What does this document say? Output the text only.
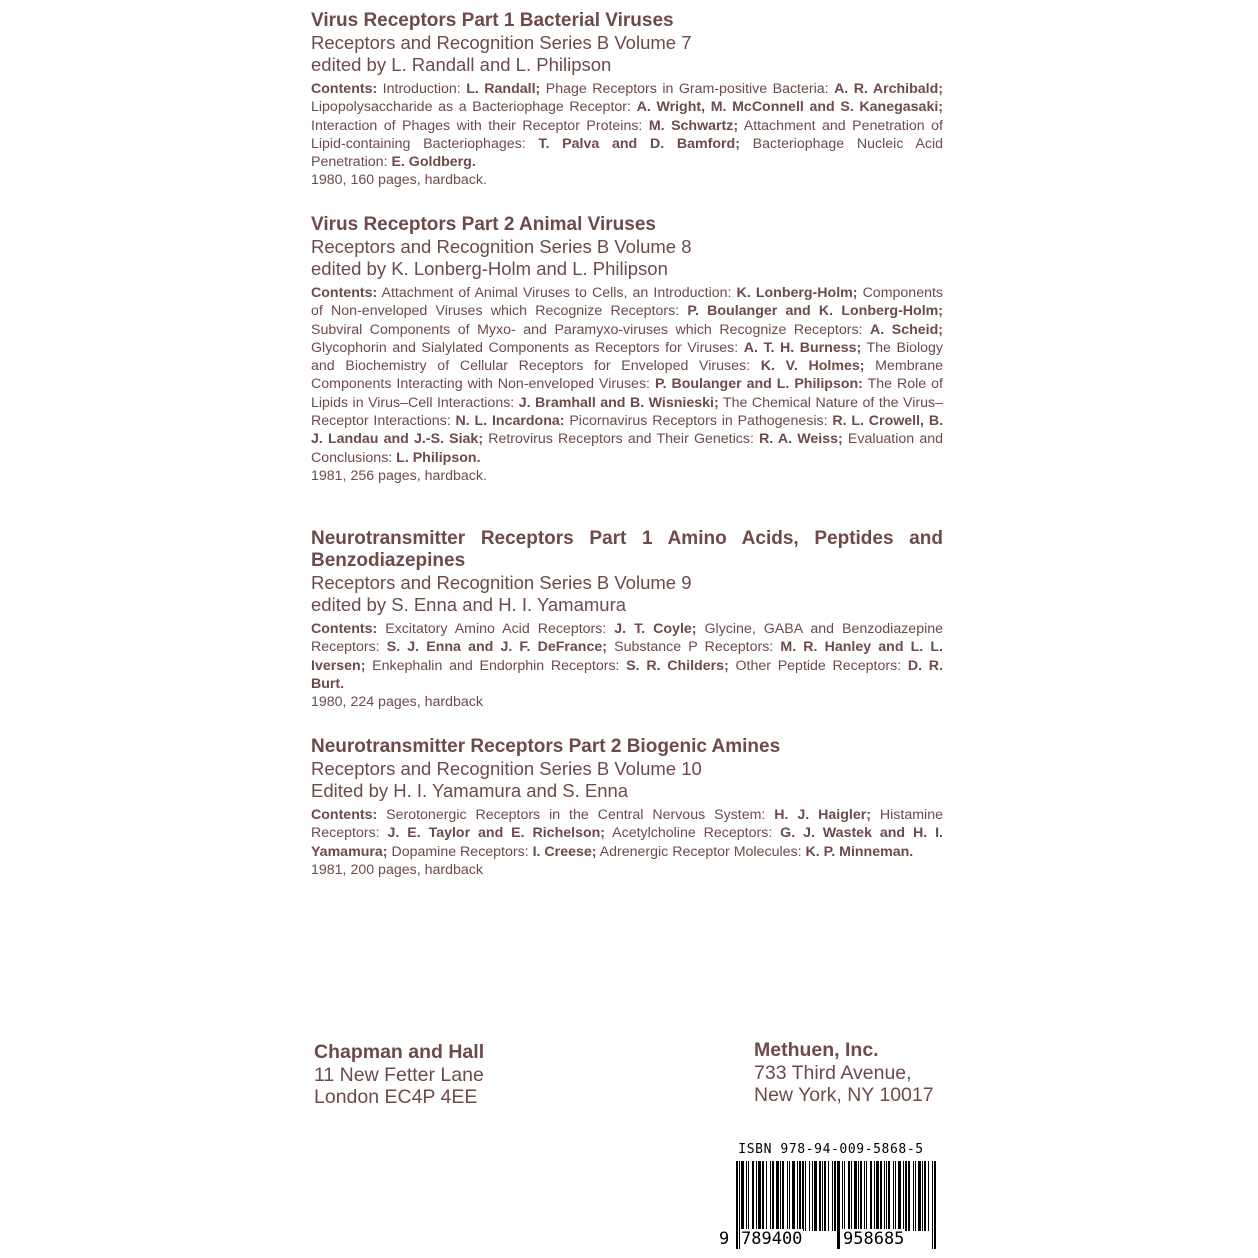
Virus Receptors Part 1 Bacterial Viruses
Receptors and Recognition Series B Volume 7
edited by L. Randall and L. Philipson
Contents: Introduction: L. Randall; Phage Receptors in Gram-positive Bacteria: A. R. Archibald; Lipopolysaccharide as a Bacteriophage Receptor: A. Wright, M. McConnell and S. Kanegasaki; Interaction of Phages with their Receptor Proteins: M. Schwartz; Attachment and Penetration of Lipid-containing Bacteriophages: T. Palva and D. Bamford; Bacteriophage Nucleic Acid Penetration: E. Goldberg.
1980, 160 pages, hardback.
Virus Receptors Part 2 Animal Viruses
Receptors and Recognition Series B Volume 8
edited by K. Lonberg-Holm and L. Philipson
Contents: Attachment of Animal Viruses to Cells, an Introduction: K. Lonberg-Holm; Components of Non-enveloped Viruses which Recognize Receptors: P. Boulanger and K. Lonberg-Holm; Subviral Components of Myxo- and Paramyxo-viruses which Recognize Receptors: A. Scheid; Glycophorin and Sialylated Components as Receptors for Viruses: A. T. H. Burness; The Biology and Biochemistry of Cellular Receptors for Enveloped Viruses: K. V. Holmes; Membrane Components Interacting with Non-enveloped Viruses: P. Boulanger and L. Philipson: The Role of Lipids in Virus–Cell Interactions: J. Bramhall and B. Wisnieski; The Chemical Nature of the Virus–Receptor Interactions: N. L. Incardona: Picornavirus Receptors in Pathogenesis: R. L. Crowell, B. J. Landau and J.-S. Siak; Retrovirus Receptors and Their Genetics: R. A. Weiss; Evaluation and Conclusions: L. Philipson.
1981, 256 pages, hardback.
Neurotransmitter Receptors Part 1 Amino Acids, Peptides and Benzodiazepines
Receptors and Recognition Series B Volume 9
edited by S. Enna and H. I. Yamamura
Contents: Excitatory Amino Acid Receptors: J. T. Coyle; Glycine, GABA and Benzodiazepine Receptors: S. J. Enna and J. F. DeFrance; Substance P Receptors: M. R. Hanley and L. L. Iversen; Enkephalin and Endorphin Receptors: S. R. Childers; Other Peptide Receptors: D. R. Burt.
1980, 224 pages, hardback
Neurotransmitter Receptors Part 2 Biogenic Amines
Receptors and Recognition Series B Volume 10
Edited by H. I. Yamamura and S. Enna
Contents: Serotonergic Receptors in the Central Nervous System: H. J. Haigler; Histamine Receptors: J. E. Taylor and E. Richelson; Acetylcholine Receptors: G. J. Wastek and H. I. Yamamura; Dopamine Receptors: I. Creese; Adrenergic Receptor Molecules: K. P. Minneman.
1981, 200 pages, hardback
Chapman and Hall
11 New Fetter Lane
London EC4P 4EE
Methuen, Inc.
733 Third Avenue,
New York, NY 10017
ISBN 978-94-009-5868-5
9 789400 958685
